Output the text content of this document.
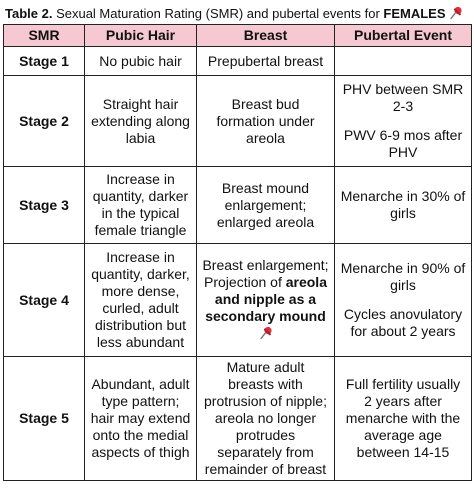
Table 2. Sexual Maturation Rating (SMR) and pubertal events for FEMALES
SMR	Pubic Hair	Breast	Pubertal Event
Stage 1	No pubic hair	Prepubertal breast	
Stage 2	Straight hair extending along labia	Breast bud formation under areola	PHV between SMR 2-3
PWV 6-9 mos after PHV

Stage 3	Increase in quantity, darker in the typical female triangle	Breast mound enlargement; enlarged areola	Menarche in 30% of girls
Stage 4	Increase in quantity, darker, more dense, curled, adult distribution but less abundant	Breast enlargement; Projection of areola and nipple as a secondary mound	Menarche in 90% of girls
Cycles anovulatory for about 2 years

Stage 5	Abundant, adult type pattern; hair may extend onto the medial aspects of thigh	Mature adult breasts with protrusion of nipple; areola no longer protrudes separately from remainder of breast	Full fertility usually 2 years after menarche with the average age between 14-15
